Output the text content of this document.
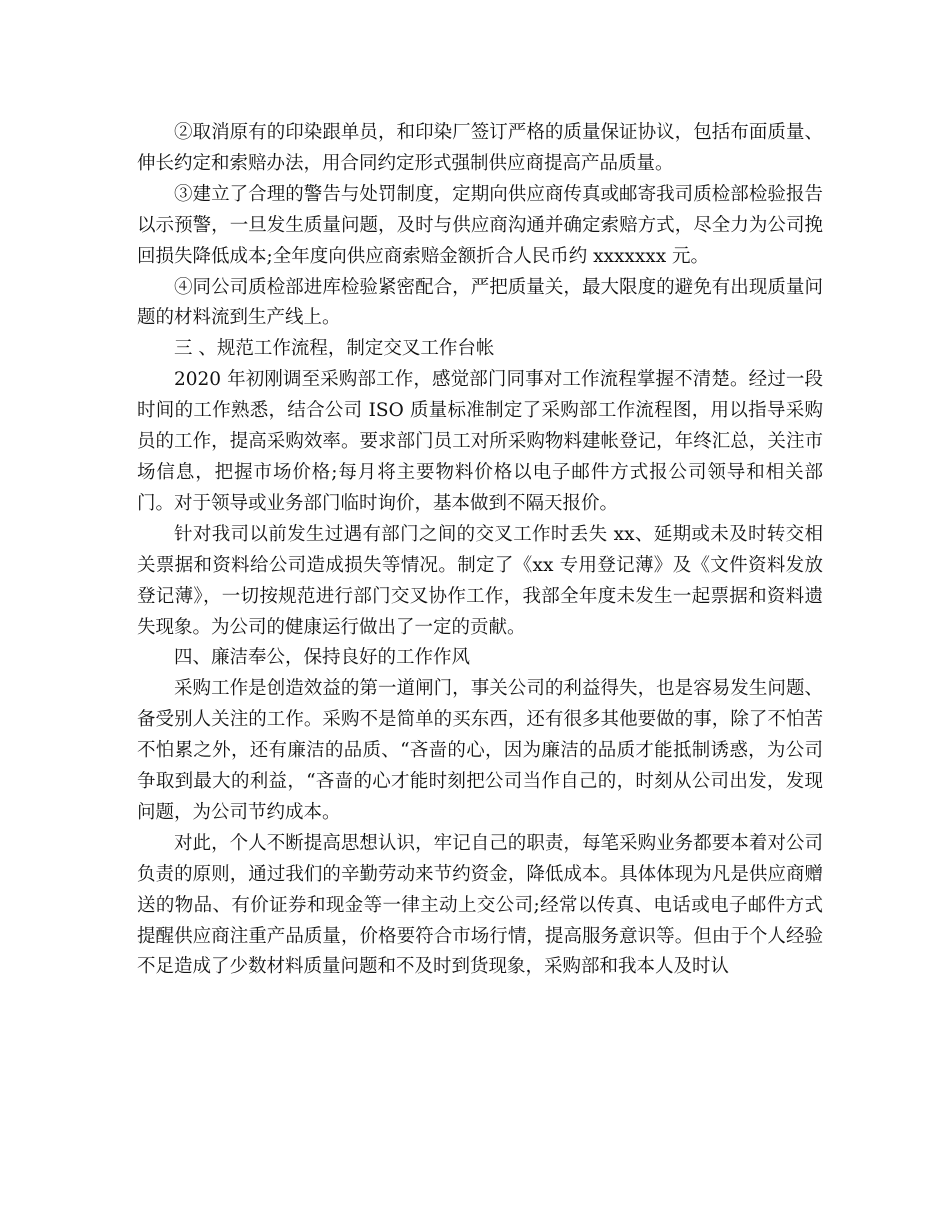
②取消原有的印染跟单员，和印染厂签订严格的质量保证协议，包括布面质量、伸长约定和索赔办法，用合同约定形式强制供应商提高产品质量。

③建立了合理的警告与处罚制度，定期向供应商传真或邮寄我司质检部检验报告以示预警，一旦发生质量问题，及时与供应商沟通并确定索赔方式，尽全力为公司挽回损失降低成本;全年度向供应商索赔金额折合人民币约 xxxxxxx 元。

④同公司质检部进库检验紧密配合，严把质量关，最大限度的避免有出现质量问题的材料流到生产线上。

三 、规范工作流程，制定交叉工作台帐

2020 年初刚调至采购部工作，感觉部门同事对工作流程掌握不清楚。经过一段时间的工作熟悉，结合公司 ISO 质量标准制定了采购部工作流程图，用以指导采购员的工作，提高采购效率。要求部门员工对所采购物料建帐登记，年终汇总，关注市场信息，把握市场价格;每月将主要物料价格以电子邮件方式报公司领导和相关部门。对于领导或业务部门临时询价，基本做到不隔天报价。

针对我司以前发生过遇有部门之间的交叉工作时丢失 xx、延期或未及时转交相关票据和资料给公司造成损失等情况。制定了《xx 专用登记薄》及《文件资料发放登记薄》，一切按规范进行部门交叉协作工作，我部全年度未发生一起票据和资料遗失现象。为公司的健康运行做出了一定的贡献。

四、廉洁奉公，保持良好的工作作风

采购工作是创造效益的第一道闸门，事关公司的利益得失，也是容易发生问题、备受别人关注的工作。采购不是简单的买东西，还有很多其他要做的事，除了不怕苦不怕累之外，还有廉洁的品质、“吝啬的心，因为廉洁的品质才能抵制诱惑，为公司争取到最大的利益，“吝啬的心才能时刻把公司当作自己的，时刻从公司出发，发现问题，为公司节约成本。

对此，个人不断提高思想认识，牢记自己的职责，每笔采购业务都要本着对公司负责的原则，通过我们的辛勤劳动来节约资金，降低成本。具体体现为凡是供应商赠送的物品、有价证券和现金等一律主动上交公司;经常以传真、电话或电子邮件方式提醒供应商注重产品质量，价格要符合市场行情，提高服务意识等。但由于个人经验不足造成了少数材料质量问题和不及时到货现象，采购部和我本人及时认
